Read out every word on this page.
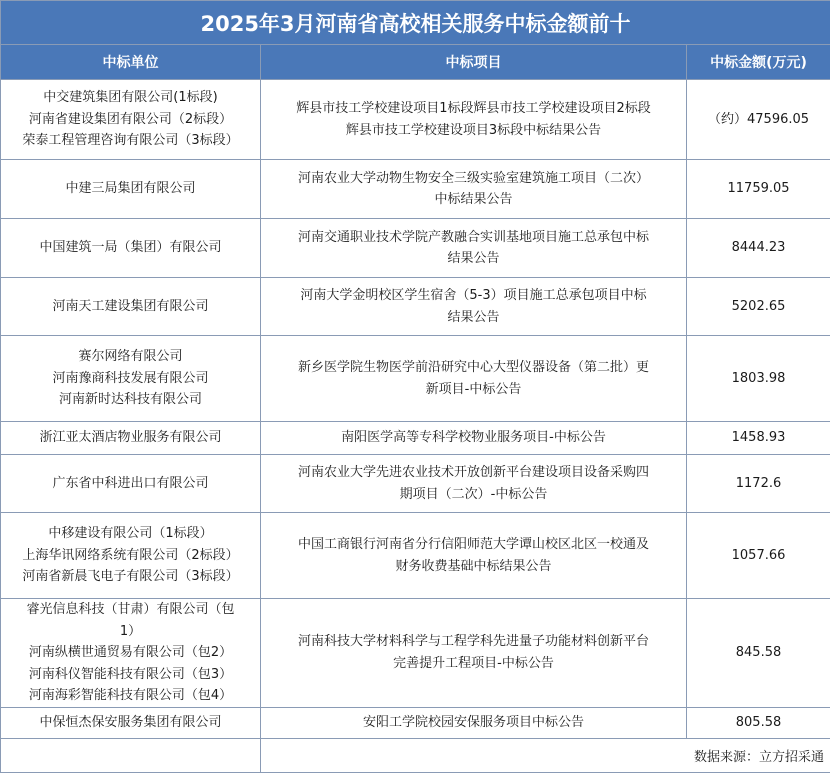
2025年3月河南省高校相关服务中标金额前十		
中标单位	中标项目	中标金额(万元)

中交建筑集团有限公司(1标段)
河南省建设集团有限公司（2标段）
荣泰工程管理咨询有限公司（3标段）	辉县市技工学校建设项目1标段辉县市技工学校建设项目2标段
辉县市技工学校建设项目3标段中标结果公告	（约）47596.05

中建三局集团有限公司	河南农业大学动物生物安全三级实验室建筑施工项目（二次）
中标结果公告	11759.05

中国建筑一局（集团）有限公司	河南交通职业技术学院产教融合实训基地项目施工总承包中标
结果公告	8444.23

河南天工建设集团有限公司	河南大学金明校区学生宿舍（5-3）项目施工总承包项目中标
结果公告	5202.65

赛尔网络有限公司
河南豫商科技发展有限公司
河南新时达科技有限公司	新乡医学院生物医学前沿研究中心大型仪器设备（第二批）更
新项目-中标公告	1803.98

浙江亚太酒店物业服务有限公司	南阳医学高等专科学校物业服务项目-中标公告	1458.93

广东省中科进出口有限公司	河南农业大学先进农业技术开放创新平台建设项目设备采购四
期项目（二次）-中标公告	1172.6

中移建设有限公司（1标段）
上海华讯网络系统有限公司（2标段）
河南省新晨飞电子有限公司（3标段）	中国工商银行河南省分行信阳师范大学谭山校区北区一校通及
财务收费基础中标结果公告	1057.66

睿光信息科技（甘肃）有限公司（包
1）
河南纵横世通贸易有限公司（包2）
河南科仪智能科技有限公司（包3）
河南海彩智能科技有限公司（包4）	河南科技大学材料科学与工程学科先进量子功能材料创新平台
完善提升工程项目-中标公告	845.58

中保恒杰保安服务集团有限公司	安阳工学院校园安保服务项目中标公告	805.58
	数据来源：立方招采通	
